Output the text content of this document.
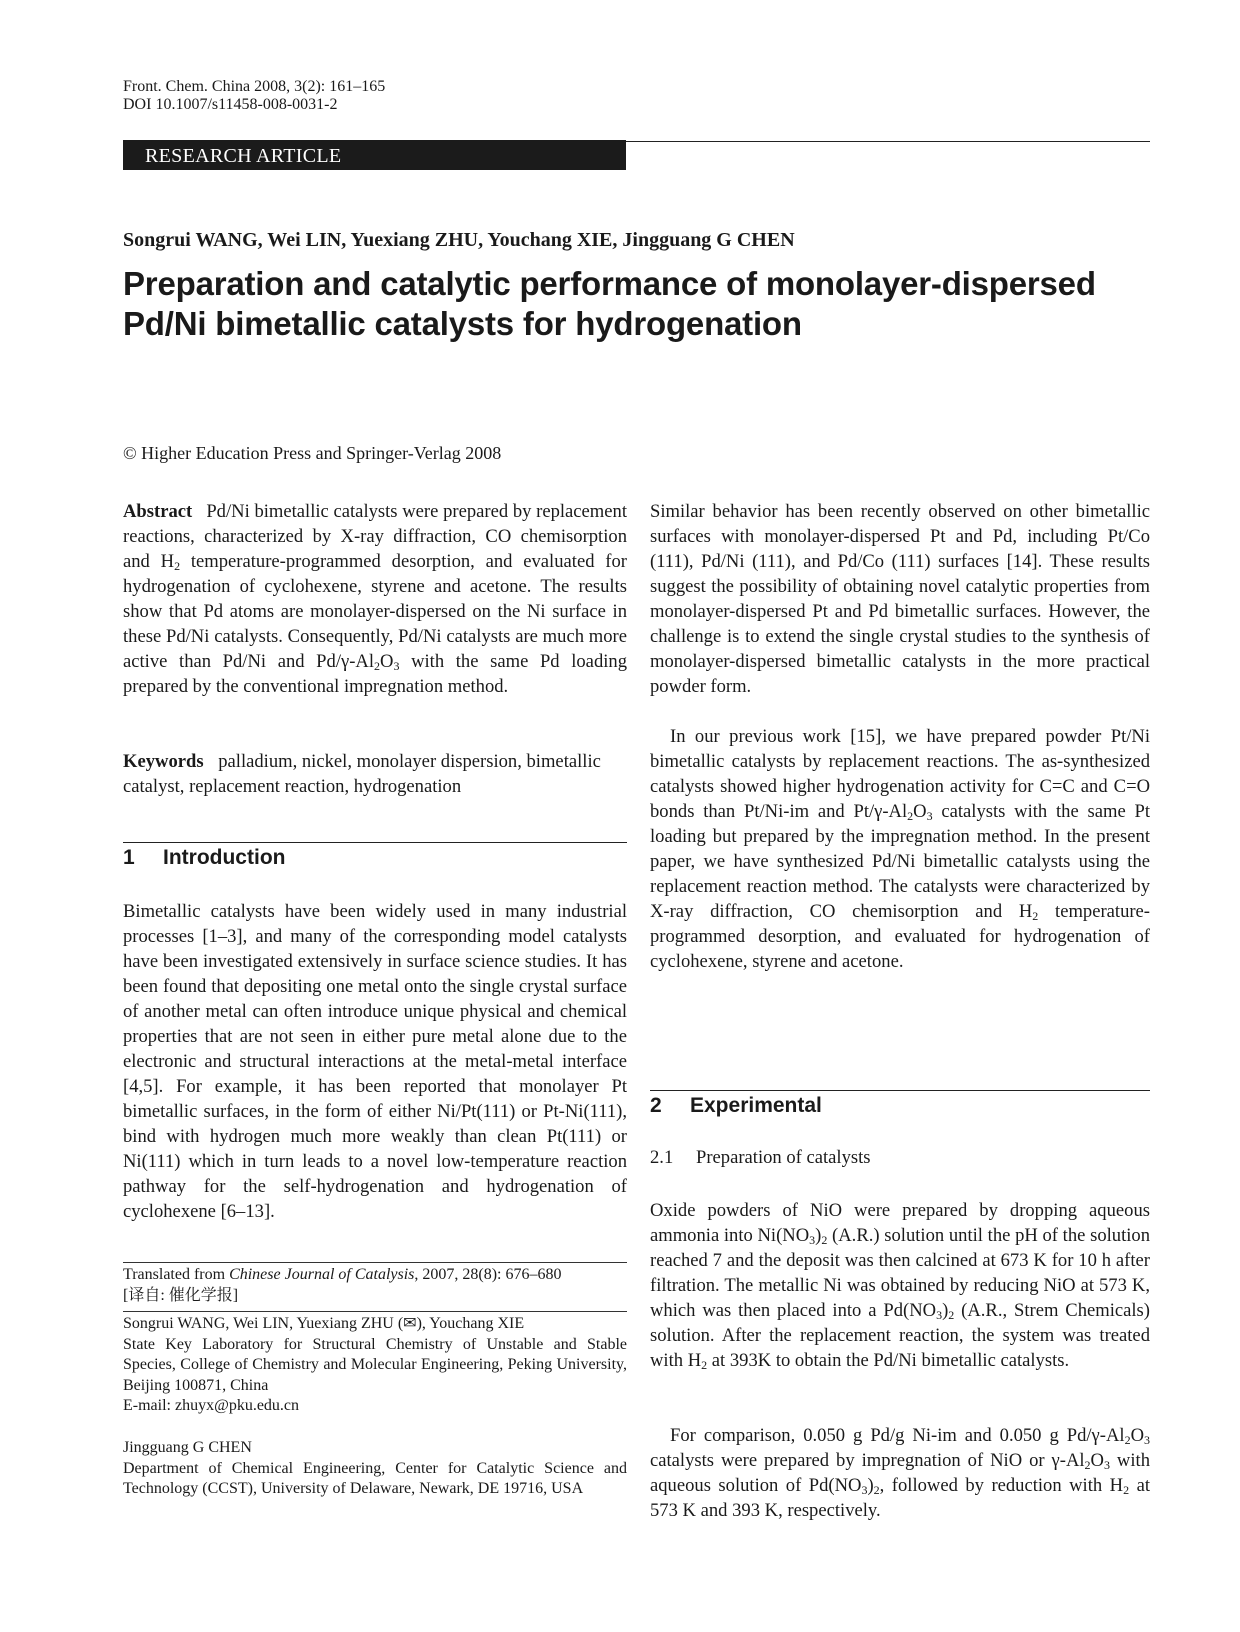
Front. Chem. China 2008, 3(2): 161–165
DOI 10.1007/s11458-008-0031-2
RESEARCH ARTICLE
Songrui WANG, Wei LIN, Yuexiang ZHU, Youchang XIE, Jingguang G CHEN
Preparation and catalytic performance of monolayer-dispersed
Pd/Ni bimetallic catalysts for hydrogenation
© Higher Education Press and Springer-Verlag 2008

Abstract Pd/Ni bimetallic catalysts were prepared by replacement reactions, characterized by X-ray diffraction, CO chemisorption and $H_2$ temperature-programmed desorption, and evaluated for hydrogenation of cyclohexene, styrene and acetone. The results show that Pd atoms are monolayer-dispersed on the Ni surface in these Pd/Ni catalysts. Consequently, Pd/Ni catalysts are much more active than Pd/Ni and $Pd/\gamma-Al_2O_3$ with the same Pd loading prepared by the conventional impregnation method.

Keywords palladium, nickel, monolayer dispersion, bimetallic catalyst, replacement reaction, hydrogenation

1 Introduction

Bimetallic catalysts have been widely used in many industrial processes [1–3], and many of the corresponding model catalysts have been investigated extensively in surface science studies. It has been found that depositing one metal onto the single crystal surface of another metal can often introduce unique physical and chemical properties that are not seen in either pure metal alone due to the electronic and structural interactions at the metal-metal interface [4,5]. For example, it has been reported that monolayer Pt bimetallic surfaces, in the form of either Ni/Pt(111) or Pt-Ni(111), bind with hydrogen much more weakly than clean Pt(111) or Ni(111) which in turn leads to a novel low-temperature reaction pathway for the self-hydrogenation and hydrogenation of cyclohexene [6–13].

Translated from Chinese Journal of Catalysis, 2007, 28(8): 676–680

[译自: 催化学报]

Songrui WANG, Wei LIN, Yuexiang ZHU (✉), Youchang XIE

State Key Laboratory for Structural Chemistry of Unstable and Stable Species, College of Chemistry and Molecular Engineering, Peking University, Beijing 100871, China

E-mail: zhuyx@pku.edu.cn

Jingguang G CHEN

Department of Chemical Engineering, Center for Catalytic Science and Technology (CCST), University of Delaware, Newark, DE 19716, USA

Similar behavior has been recently observed on other bimetallic surfaces with monolayer-dispersed Pt and Pd, including Pt/Co (111), Pd/Ni (111), and Pd/Co (111) surfaces [14]. These results suggest the possibility of obtaining novel catalytic properties from monolayer-dispersed Pt and Pd bimetallic surfaces. However, the challenge is to extend the single crystal studies to the synthesis of monolayer-dispersed bimetallic catalysts in the more practical powder form.

In our previous work [15], we have prepared powder Pt/Ni bimetallic catalysts by replacement reactions. The as-synthesized catalysts showed higher hydrogenation activity for C=C and C=O bonds than Pt/Ni-im and $Pt/\gamma-Al_2O_3$ catalysts with the same Pt loading but prepared by the impregnation method. In the present paper, we have synthesized Pd/Ni bimetallic catalysts using the replacement reaction method. The catalysts were characterized by X-ray diffraction, CO chemisorption and $H_2$ temperature-programmed desorption, and evaluated for hydrogenation of cyclohexene, styrene and acetone.

2 Experimental
2.1 Preparation of catalysts

Oxide powders of NiO were prepared by dropping aqueous ammonia into $Ni(NO_3)_2$ (A.R.) solution until the pH of the solution reached 7 and the deposit was then calcined at 673 K for 10 h after filtration. The metallic Ni was obtained by reducing NiO at 573 K, which was then placed into a $Pd(NO_3)_2$ (A.R., Strem Chemicals) solution. After the replacement reaction, the system was treated with $H_2$ at 393K to obtain the Pd/Ni bimetallic catalysts.

For comparison, 0.050 g Pd/g Ni-im and 0.050 g $Pd/\gamma-Al_2O_3$ catalysts were prepared by impregnation of NiO or $\gamma-Al_2O_3$ with aqueous solution of $Pd(NO_3)_2$, followed by reduction with $H_2$ at 573 K and 393 K, respectively.
